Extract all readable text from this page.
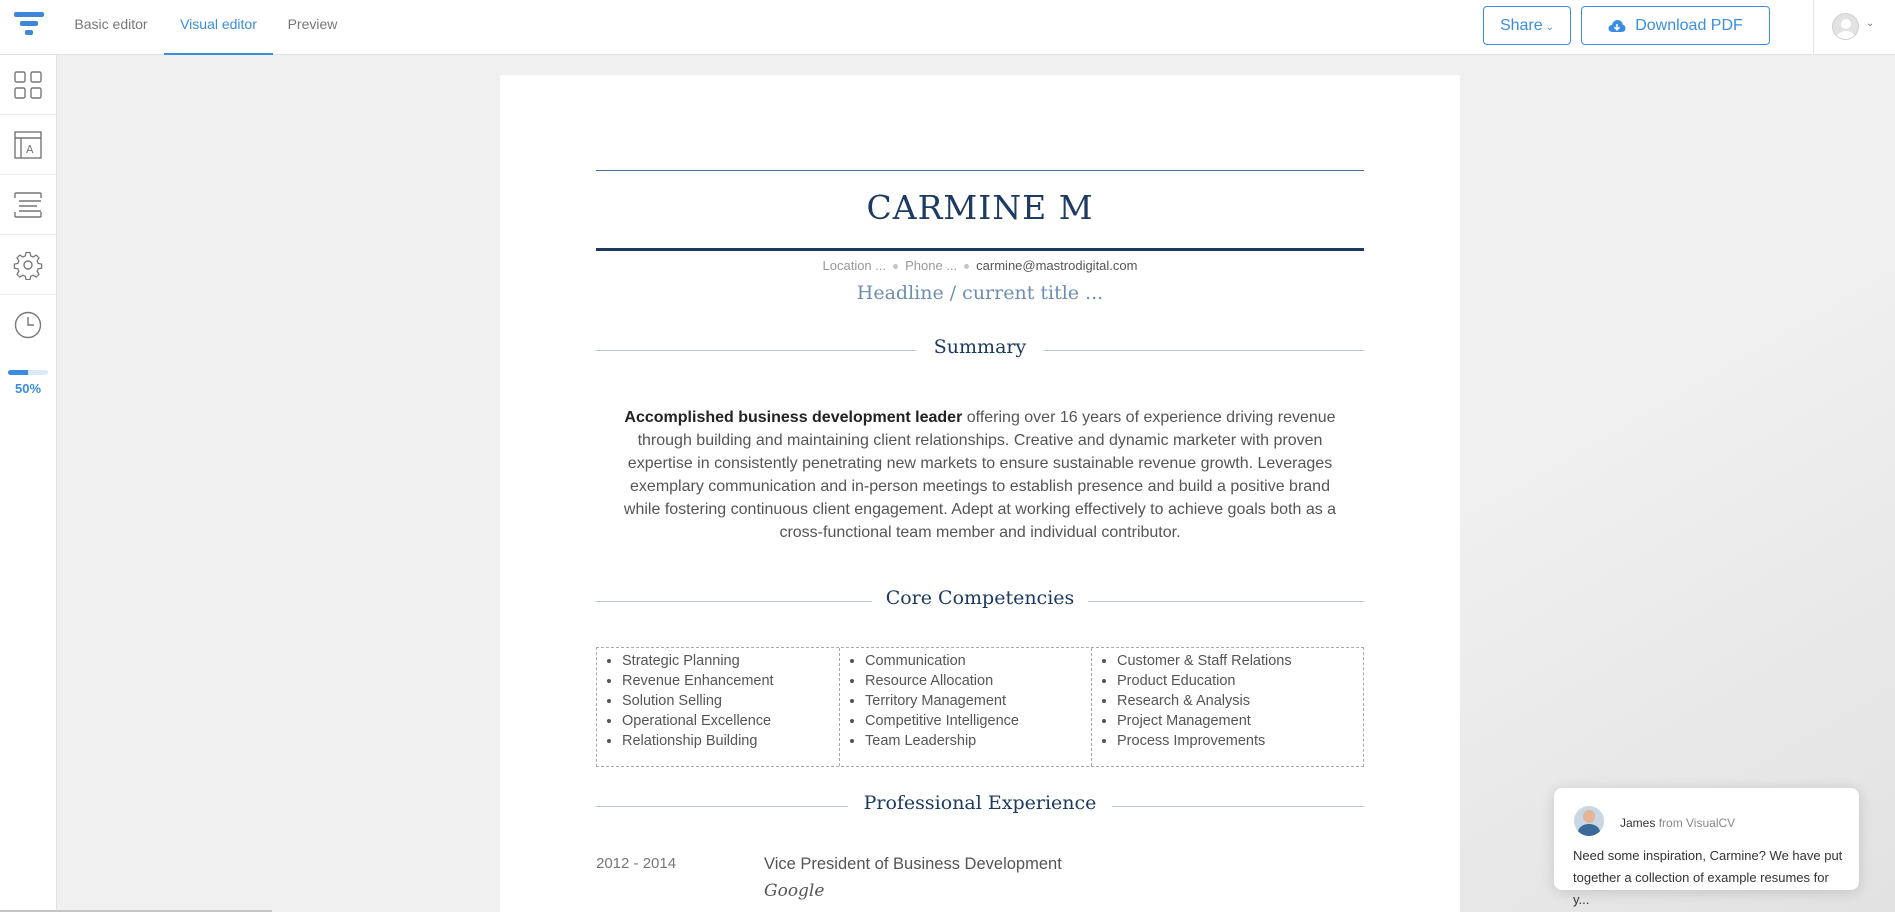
Basic editor	Visual editor	Preview	Share ⌄	Download PDF	⌄
A
50%
CARMINE M
Location ... Phone ... carmine@mastrodigital.com
Headline / current title ...
Summary
Accomplished business development leader offering over 16 years of experience driving revenue through building and maintaining client relationships. Creative and dynamic marketer with proven expertise in consistently penetrating new markets to ensure sustainable revenue growth. Leverages exemplary communication and in-person meetings to establish presence and build a positive brand while fostering continuous client engagement. Adept at working effectively to achieve goals both as a cross-functional team member and individual contributor.
Core Competencies
• Strategic Planning
• Revenue Enhancement
• Solution Selling
• Operational Excellence
• Relationship Building
• Communication
• Resource Allocation
• Territory Management
• Competitive Intelligence
• Team Leadership
• Customer & Staff Relations
• Product Education
• Research & Analysis
• Project Management
• Process Improvements
Professional Experience
2012 - 2014	Vice President of Business Development
Google
James from VisualCV
Need some inspiration, Carmine? We have put together a collection of example resumes for y...
